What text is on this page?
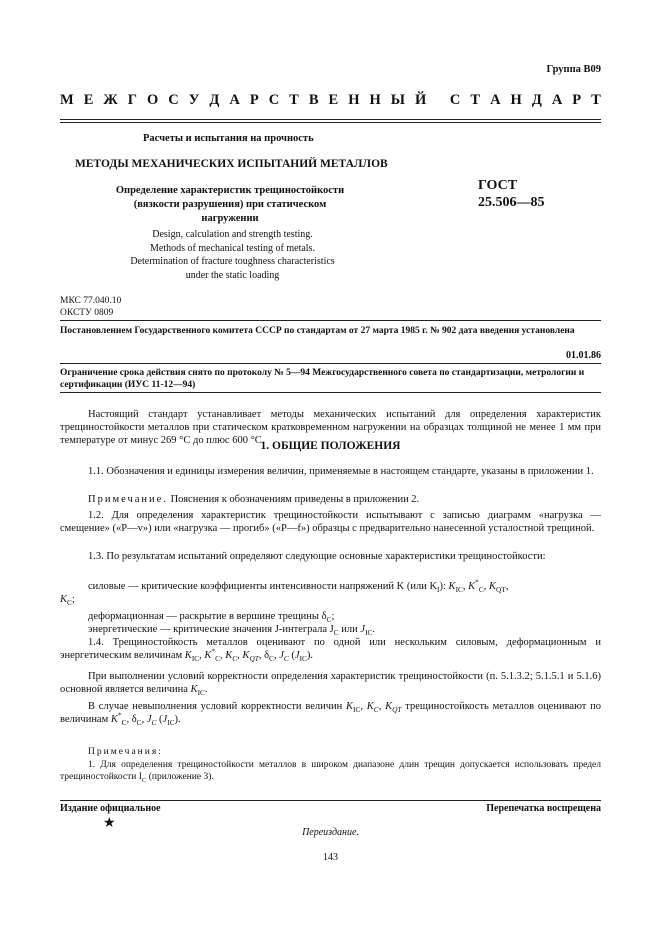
Группа В09
М Е Ж Г О С У Д А Р С Т В Е Н Н Ы Й
С Т А Н Д А Р Т
Расчеты и испытания на прочность
МЕТОДЫ МЕХАНИЧЕСКИХ ИСПЫТАНИЙ МЕТАЛЛОВ
Определение характеристик трещиностойкости
(вязкости разрушения) при статическом нагружении
ГОСТ
25.506—85
Design, calculation and strength testing.
Methods of mechanical testing of metals.
Determination of fracture toughness characteristics
under the static loading
МКС 77.040.10
ОКСТУ 0809
Постановлением Государственного комитета СССР по стандартам от 27 марта 1985 г. № 902 дата введения установлена
01.01.86
Ограничение срока действия снято по протоколу № 5—94 Межгосударственного совета по стандартизации, метрологии и сертификации (ИУС 11-12—94)

Настоящий стандарт устанавливает методы механических испытаний для определения характеристик трещиностойкости металлов при статическом кратковременном нагружении на образцах толщиной не менее 1 мм при температуре от минус 269 °С до плюс 600 °С.

1. ОБЩИЕ ПОЛОЖЕНИЯ

1.1. Обозначения и единицы измерения величин, применяемые в настоящем стандарте, указаны в приложении 1.

Примечание. Пояснения к обозначениям приведены в приложении 2.

1.2. Для определения характеристик трещиностойкости испытывают с записью диаграмм «нагрузка — смещение» («P—v») или «нагрузка — прогиб» («P—f») образцы с предварительно нанесенной усталостной трещиной.

1.3. По результатам испытаний определяют следующие основные характеристики трещиностойкости:

силовые — критические коэффициенты интенсивности напряжений K (или $K_I$): $K_{IC}$, $K^*_C$, $K_{QT}$,
$K_C$;

деформационная — раскрытие в вершине трещины $\delta_C$;

энергетические — критические значения J-интеграла $J_C$ или $J_{IC}$.

1.4. Трещиностойкость металлов оценивают по одной или нескольким силовым, деформационным и энергетическим величинам $K_{IC}$, $K^*_C$, $K_C$, $K_{QT}$, $\delta_C$, $J_C$ $(J_{IC})$.

При выполнении условий корректности определения характеристик трещиностойкости (п. 5.1.3.2; 5.1.5.1 и 5.1.6) основной является величина $K_{IC}$.

В случае невыполнения условий корректности величин $K_{IC}$, $K_C$, $K_{QT}$ трещиностойкость металлов оценивают по величинам $K^*_C$, $\delta_C$, $J_C$ $(J_{IC})$.

Примечания:

1. Для определения трещиностойкости металлов в широком диапазоне длин трещин допускается использовать предел трещиностойкости $I_C$ (приложение 3).

Издание официальное	Перепечатка воспрещена
★
Переиздание.
143
